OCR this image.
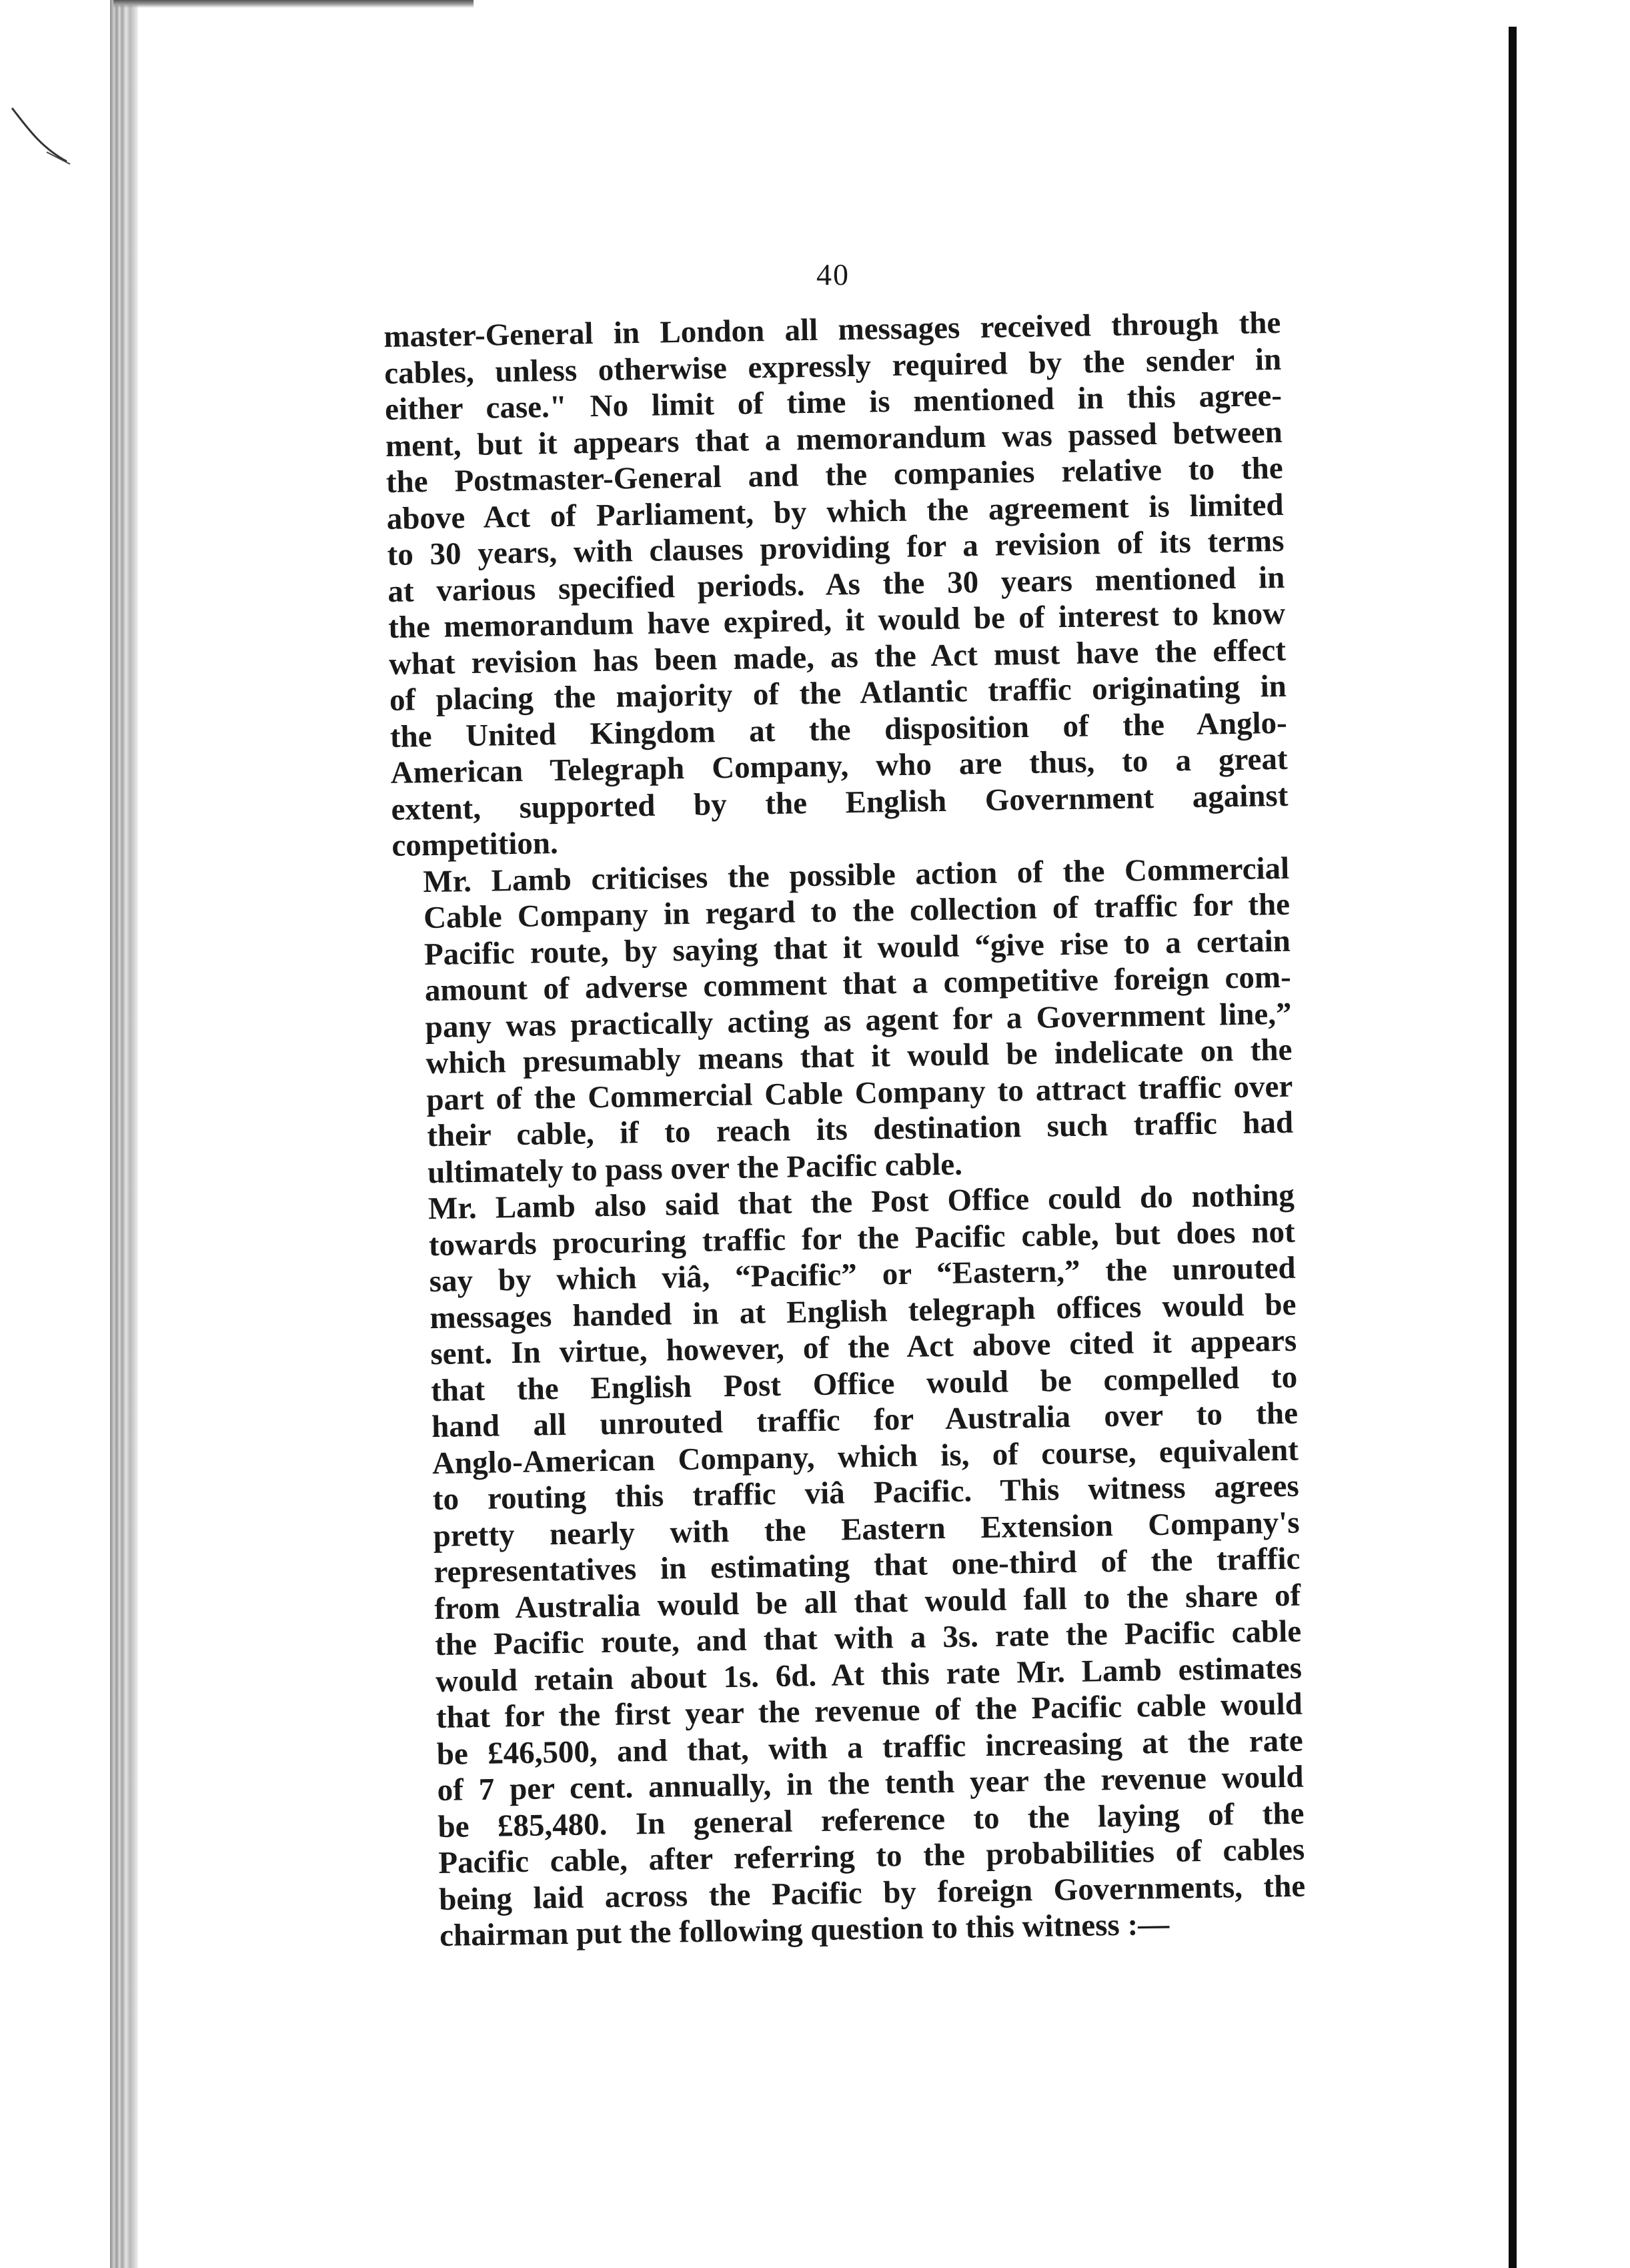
40

master-General in London all messages received through the
cables, unless otherwise expressly required by the sender in
either case." No limit of time is mentioned in this agree-
ment, but it appears that a memorandum was passed between
the Postmaster-General and the companies relative to the
above Act of Parliament, by which the agreement is limited
to 30 years, with clauses providing for a revision of its terms
at various specified periods. As the 30 years mentioned in
the memorandum have expired, it would be of interest to know
what revision has been made, as the Act must have the effect
of placing the majority of the Atlantic traffic originating in
the United Kingdom at the disposition of the Anglo-
American Telegraph Company, who are thus, to a great
extent, supported by the English Government against
competition.

Mr. Lamb criticises the possible action of the Commercial
Cable Company in regard to the collection of traffic for the
Pacific route, by saying that it would “give rise to a certain
amount of adverse comment that a competitive foreign com-
pany was practically acting as agent for a Government line,”
which presumably means that it would be indelicate on the
part of the Commercial Cable Company to attract traffic over
their cable, if to reach its destination such traffic had
ultimately to pass over the Pacific cable.

Mr. Lamb also said that the Post Office could do nothing
towards procuring traffic for the Pacific cable, but does not
say by which viâ, “Pacific” or “Eastern,” the unrouted
messages handed in at English telegraph offices would be
sent. In virtue, however, of the Act above cited it appears
that the English Post Office would be compelled to
hand all unrouted traffic for Australia over to the
Anglo-American Company, which is, of course, equivalent
to routing this traffic viâ Pacific. This witness agrees
pretty nearly with the Eastern Extension Company's
representatives in estimating that one-third of the traffic
from Australia would be all that would fall to the share of
the Pacific route, and that with a 3s. rate the Pacific cable
would retain about 1s. 6d. At this rate Mr. Lamb estimates
that for the first year the revenue of the Pacific cable would
be £46,500, and that, with a traffic increasing at the rate
of 7 per cent. annually, in the tenth year the revenue would
be £85,480. In general reference to the laying of the
Pacific cable, after referring to the probabilities of cables
being laid across the Pacific by foreign Governments, the
chairman put the following question to this witness :—
